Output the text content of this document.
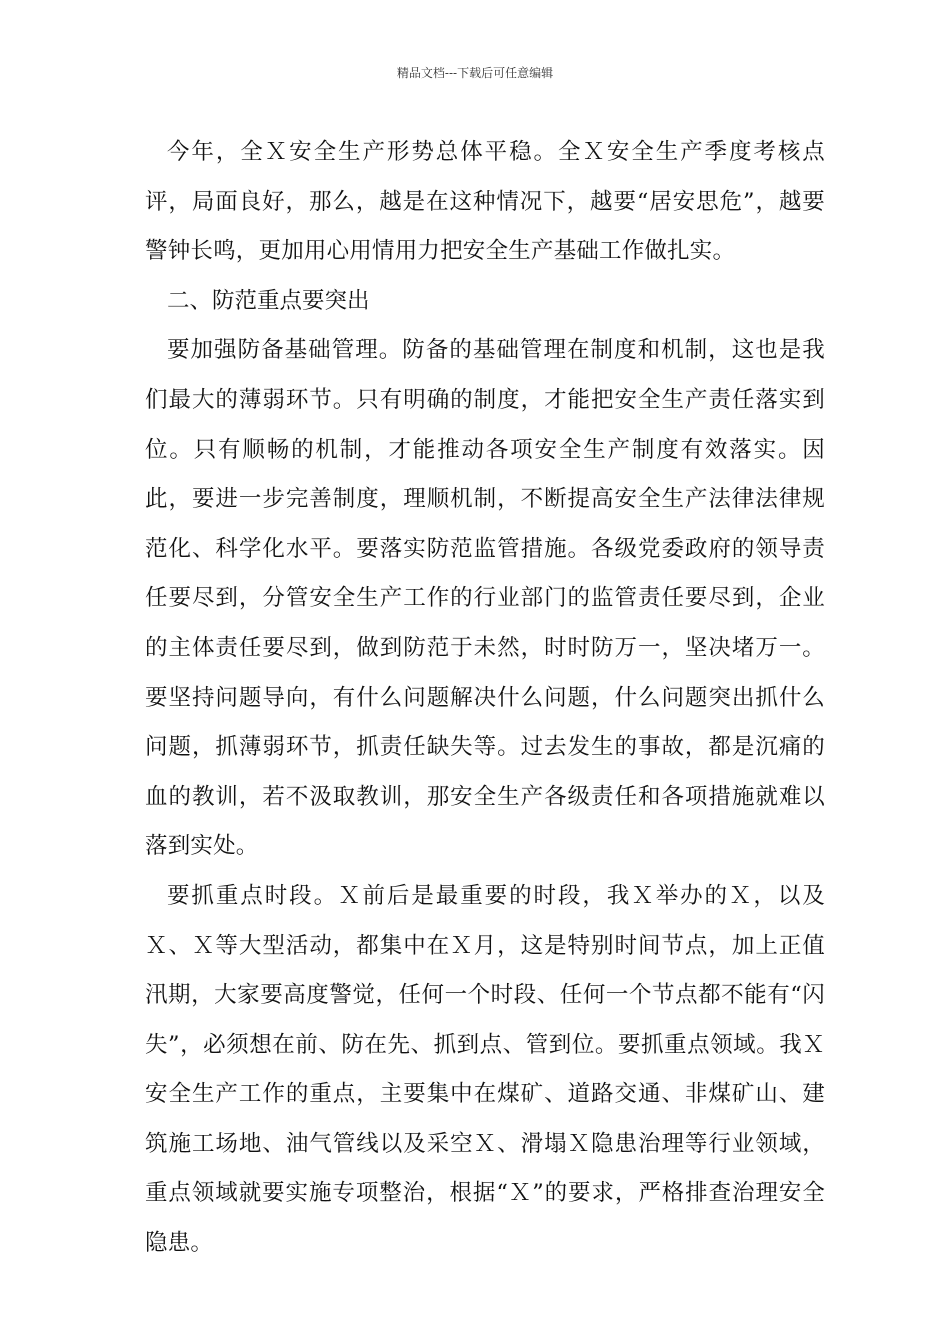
精品文档---下载后可任意编辑

今年，全Ｘ安全生产形势总体平稳。全Ｘ安全生产季度考核点评，局面良好，那么，越是在这种情况下，越要“居安思危”，越要警钟长鸣，更加用心用情用力把安全生产基础工作做扎实。

二、防范重点要突出

要加强防备基础管理。防备的基础管理在制度和机制，这也是我们最大的薄弱环节。只有明确的制度，才能把安全生产责任落实到位。只有顺畅的机制，才能推动各项安全生产制度有效落实。因此，要进一步完善制度，理顺机制，不断提高安全生产法律法律规范化、科学化水平。要落实防范监管措施。各级党委政府的领导责任要尽到，分管安全生产工作的行业部门的监管责任要尽到，企业的主体责任要尽到，做到防范于未然，时时防万一，坚决堵万一。要坚持问题导向，有什么问题解决什么问题，什么问题突出抓什么问题，抓薄弱环节，抓责任缺失等。过去发生的事故，都是沉痛的血的教训，若不汲取教训，那安全生产各级责任和各项措施就难以落到实处。

要抓重点时段。Ｘ前后是最重要的时段，我Ｘ举办的Ｘ，以及Ｘ、Ｘ等大型活动，都集中在Ｘ月，这是特别时间节点，加上正值汛期，大家要高度警觉，任何一个时段、任何一个节点都不能有“闪失”，必须想在前、防在先、抓到点、管到位。要抓重点领域。我Ｘ安全生产工作的重点，主要集中在煤矿、道路交通、非煤矿山、建筑施工场地、油气管线以及采空Ｘ、滑塌Ｘ隐患治理等行业领域，重点领域就要实施专项整治，根据“Ｘ”的要求，严格排查治理安全隐患。
